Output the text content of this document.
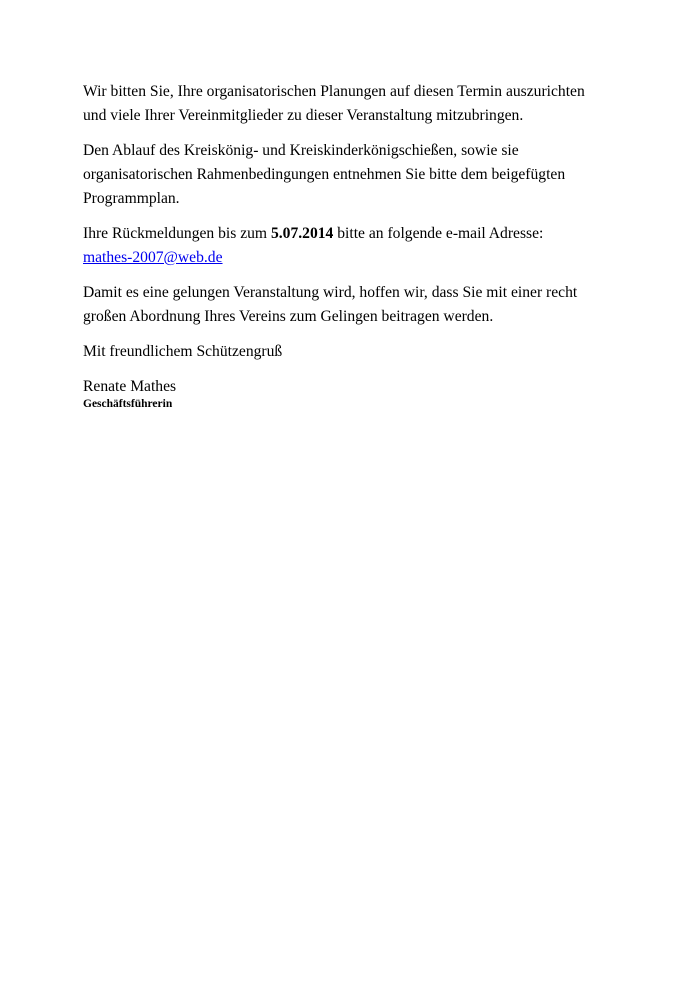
Wir bitten Sie, Ihre organisatorischen Planungen auf diesen Termin auszurichten
und viele Ihrer Vereinmitglieder zu dieser Veranstaltung mitzubringen.

Den Ablauf des Kreiskönig- und Kreiskinderkönigschießen, sowie sie
organisatorischen Rahmenbedingungen entnehmen Sie bitte dem beigefügten
Programmplan.

Ihre Rückmeldungen bis zum 5.07.2014 bitte an folgende e-mail Adresse:
mathes-2007@web.de

Damit es eine gelungen Veranstaltung wird, hoffen wir, dass Sie mit einer recht
großen Abordnung Ihres Vereins zum Gelingen beitragen werden.

Mit freundlichem Schützengruß

Renate Mathes
Geschäftsführerin
